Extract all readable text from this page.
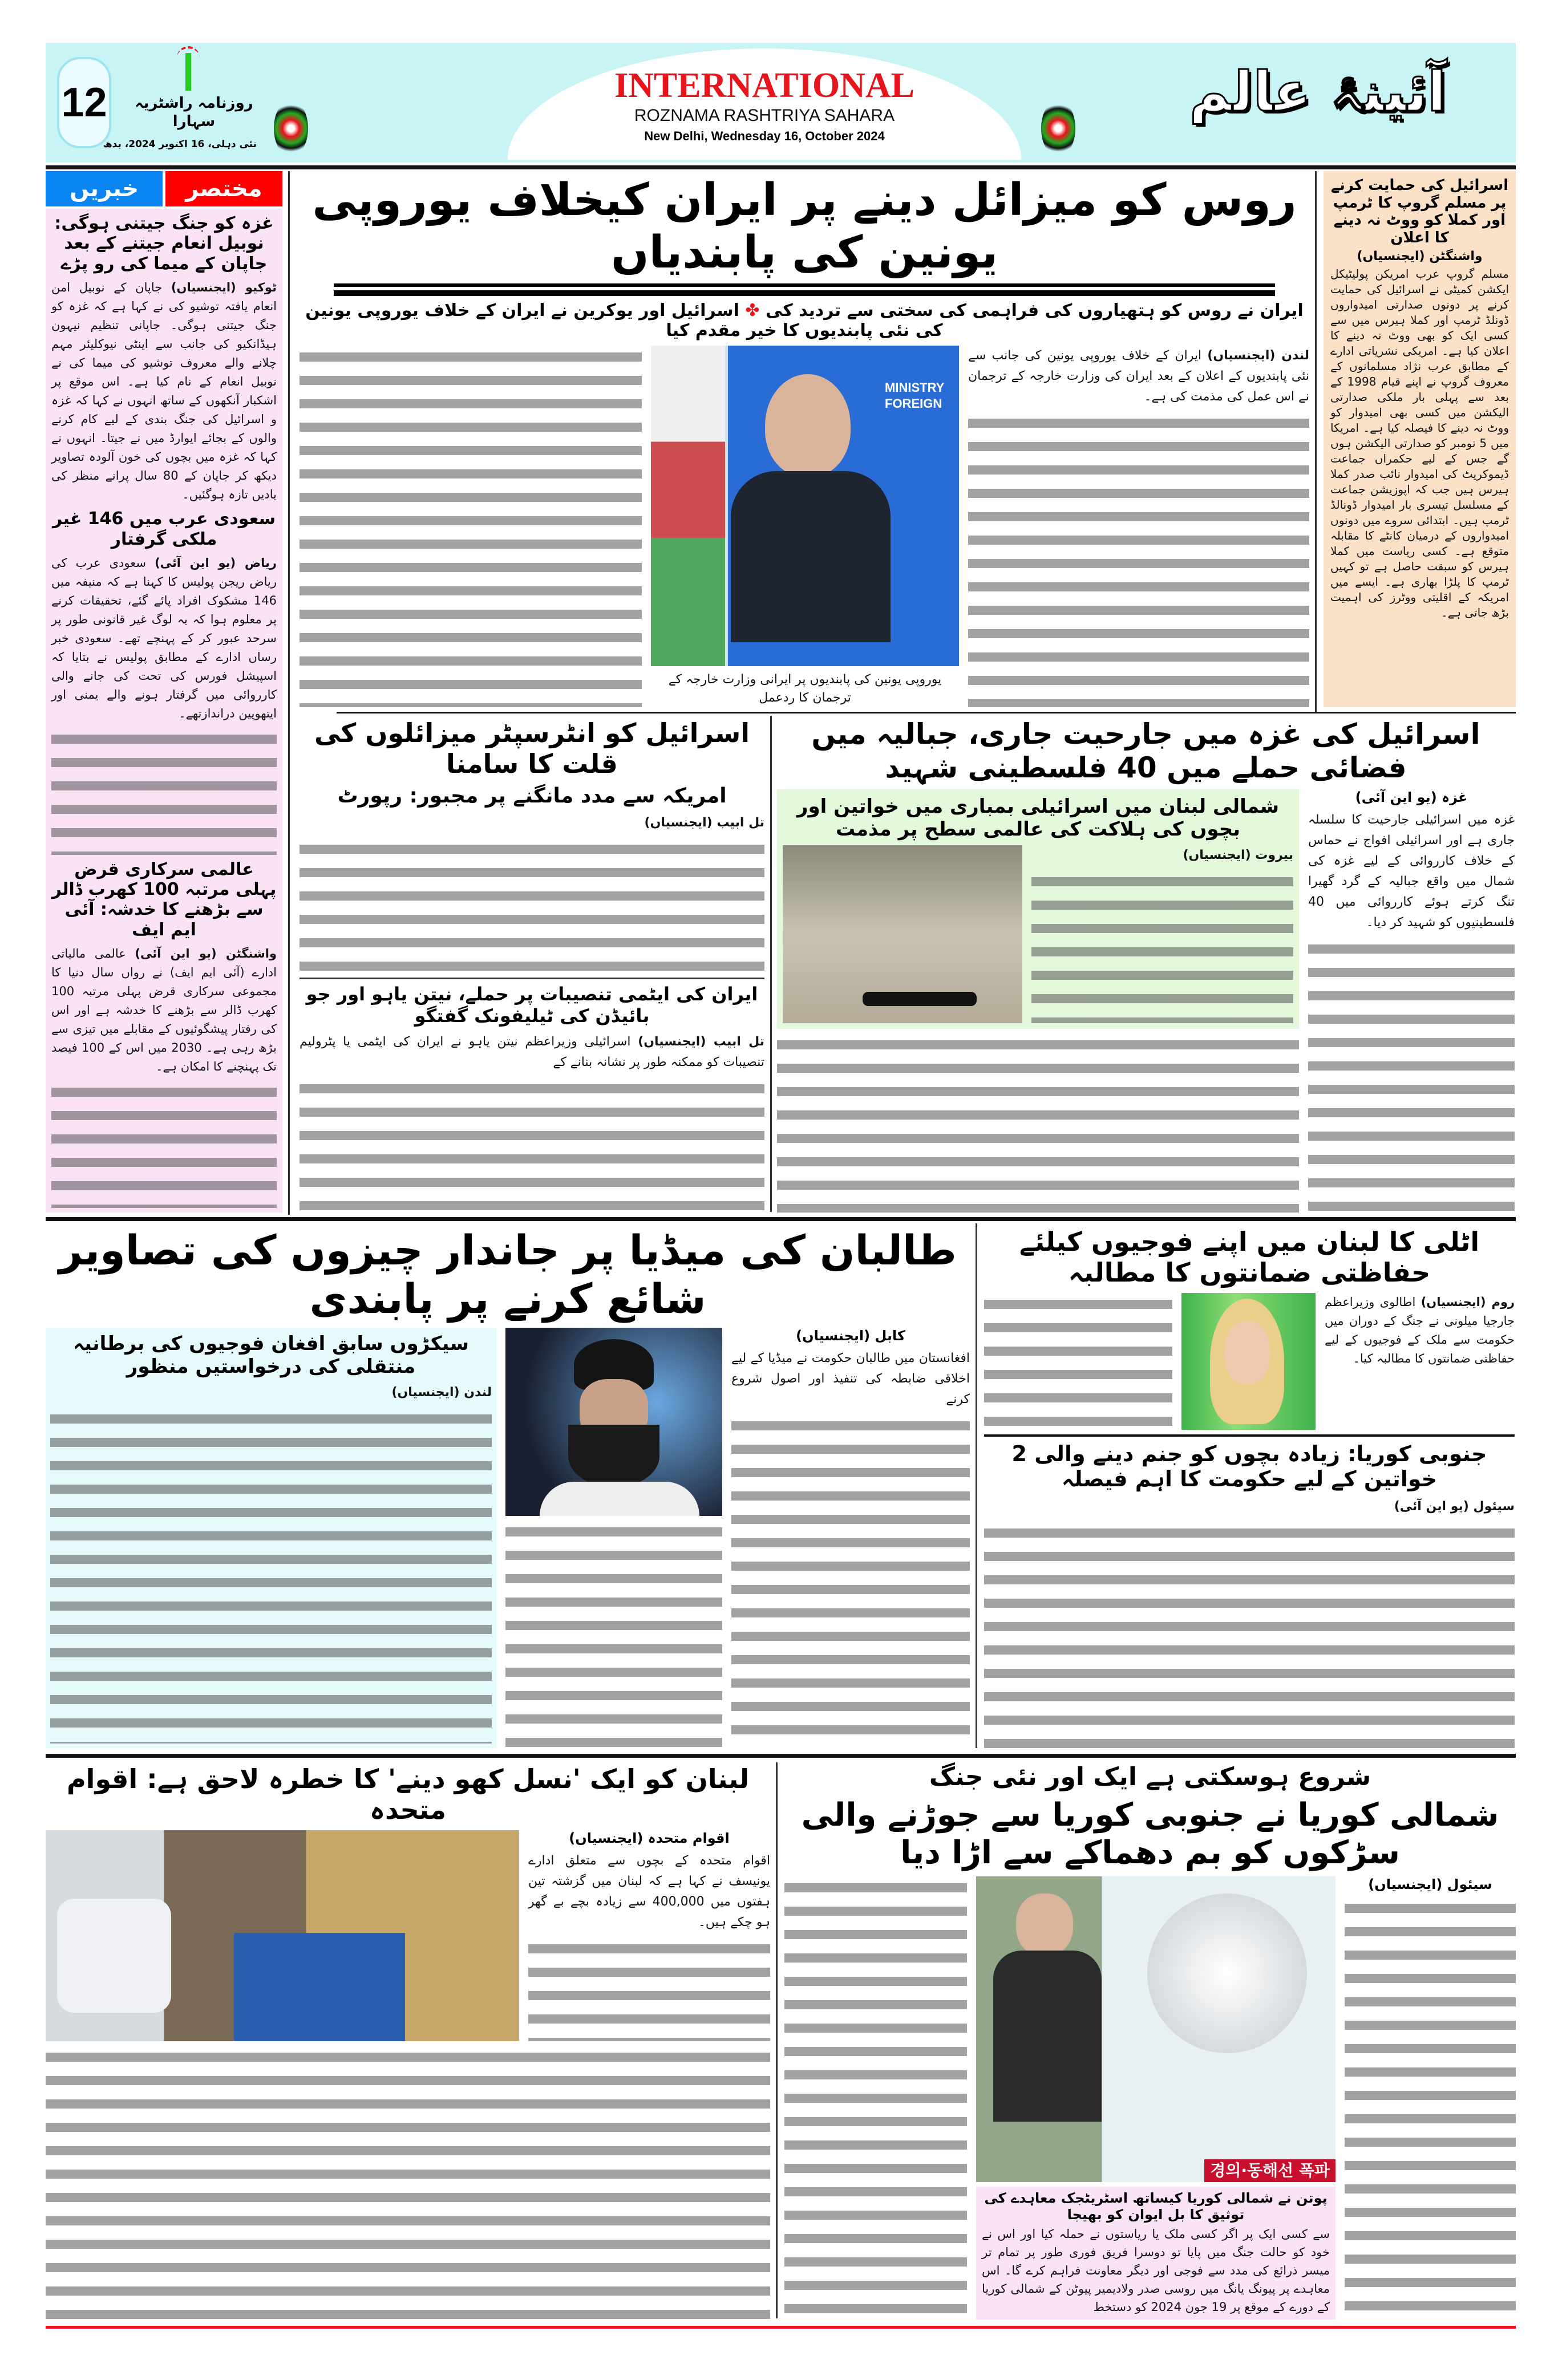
12 روزنامہ راشٹریہ سہارا
نئی دہلی، 16 اکتوبر 2024، بدھ
INTERNATIONAL
ROZNAMA RASHTRIYA SAHARA
New Delhi, Wednesday 16, October 2024
آئینۂ عالم
خبریں	مختصر
غزہ کو جنگ جیتنی ہوگی: نوبیل انعام جیتنے کے بعد جاپان کے میما کی رو پڑے
ٹوکیو (ایجنسیاں) جاپان کے نوبیل امن انعام یافتہ توشیو کی نے کہا ہے کہ غزہ کو جنگ جیتنی ہوگی۔ جاپانی تنظیم نیہون ہیڈانکیو کی جانب سے اینٹی نیوکلیئر مہم چلانے والے معروف توشیو کی میما کی نے نوبیل انعام کے نام کیا ہے۔ اس موقع پر اشکبار آنکھوں کے ساتھ انہوں نے کہا کہ غزہ و اسرائیل کی جنگ بندی کے لیے کام کرنے والوں کے بجائے ایوارڈ میں نے جیتا۔ انہوں نے کہا کہ غزہ میں بچوں کی خون آلودہ تصاویر دیکھ کر جاپان کے 80 سال پرانے منظر کی یادیں تازہ ہوگئیں۔
سعودی عرب میں 146 غیر ملکی گرفتار
ریاض (یو این آئی) سعودی عرب کی ریاض ریجن پولیس کا کہنا ہے کہ منیفہ میں 146 مشکوک افراد پائے گئے، تحقیقات کرنے پر معلوم ہوا کہ یہ لوگ غیر قانونی طور پر سرحد عبور کر کے پہنچے تھے۔ سعودی خبر رساں ادارے کے مطابق پولیس نے بتایا کہ اسپیشل فورس کی تحت کی جانے والی کارروائی میں گرفتار ہونے والے یمنی اور ایتھوپین دراندازتھے۔
عالمی سرکاری قرض پہلی مرتبہ 100 کھرب ڈالر سے بڑھنے کا خدشہ: آئی ایم ایف
واشنگٹن (یو این آئی) عالمی مالیاتی ادارے (آئی ایم ایف) نے رواں سال دنیا کا مجموعی سرکاری قرض پہلی مرتبہ 100 کھرب ڈالر سے بڑھنے کا خدشہ ہے اور اس کی رفتار پیشگوئیوں کے مقابلے میں تیزی سے بڑھ رہی ہے۔ 2030 میں اس کے 100 فیصد تک پہنچنے کا امکان ہے۔
روس کو میزائل دینے پر ایران کیخلاف یوروپی یونین کی پابندیاں
ایران نے روس کو ہتھیاروں کی فراہمی کی سختی سے تردید کی ✤ اسرائیل اور یوکرین نے ایران کے خلاف یوروپی یونین کی نئی پابندیوں کا خیر مقدم کیا
MINISTRY FOREIGN
یوروپی یونین کی پابندیوں پر ایرانی وزارت خارجہ کے ترجمان کا ردعمل
لندن (ایجنسیاں) ایران کے خلاف یوروپی یونین کی جانب سے نئی پابندیوں کے اعلان کے بعد ایران کی وزارت خارجہ کے ترجمان نے اس عمل کی مذمت کی ہے۔
اسرائیل کی حمایت کرنے پر مسلم گروپ کا ٹرمپ اور کملا کو ووٹ نہ دینے کا اعلان
واشنگٹن (ایجنسیاں)
مسلم گروپ عرب امریکن پولیٹیکل ایکشن کمیٹی نے اسرائیل کی حمایت کرنے پر دونوں صدارتی امیدواروں ڈونلڈ ٹرمپ اور کملا ہیرس میں سے کسی ایک کو بھی ووٹ نہ دینے کا اعلان کیا ہے۔ امریکی نشریاتی ادارے کے مطابق عرب نژاد مسلمانوں کے معروف گروپ نے اپنے قیام 1998 کے بعد سے پہلی بار ملکی صدارتی الیکشن میں کسی بھی امیدوار کو ووٹ نہ دینے کا فیصلہ کیا ہے۔ امریکا میں 5 نومبر کو صدارتی الیکشن ہوں گے جس کے لیے حکمراں جماعت ڈیموکریٹ کی امیدوار نائب صدر کملا ہیرس ہیں جب کہ اپوزیشن جماعت کے مسلسل تیسری بار امیدوار ڈونالڈ ٹرمپ ہیں۔ ابتدائی سروے میں دونوں امیدواروں کے درمیان کانٹے کا مقابلہ متوقع ہے۔ کسی ریاست میں کملا ہیرس کو سبقت حاصل ہے تو کہیں ٹرمپ کا پلڑا بھاری ہے۔ ایسے میں امریکہ کے اقلیتی ووٹرز کی اہمیت بڑھ جاتی ہے۔
اسرائیل کی غزہ میں جارحیت جاری، جبالیہ میں فضائی حملے میں 40 فلسطینی شہید
شمالی لبنان میں اسرائیلی بمباری میں خواتین اور بچوں کی ہلاکت کی عالمی سطح پر مذمت
بیروت (ایجنسیاں)
غزہ (یو این آئی)
غزہ میں اسرائیلی جارحیت کا سلسلہ جاری ہے اور اسرائیلی افواج نے حماس کے خلاف کارروائی کے لیے غزہ کی شمال میں واقع جبالیہ کے گرد گھیرا تنگ کرتے ہوئے کارروائی میں 40 فلسطینیوں کو شہید کر دیا۔
اسرائیل کو انٹرسپٹر میزائلوں کی قلت کا سامنا
امریکہ سے مدد مانگنے پر مجبور: رپورٹ
تل ابیب (ایجنسیاں)
ایران کی ایٹمی تنصیبات پر حملے، نیتن یاہو اور جو بائیڈن کی ٹیلیفونک گفتگو
تل ابیب (ایجنسیاں) اسرائیلی وزیراعظم نیتن یاہو نے ایران کی ایٹمی یا پٹرولیم تنصیبات کو ممکنہ طور پر نشانہ بنانے کے
طالبان کی میڈیا پر جاندار چیزوں کی تصاویر شائع کرنے پر پابندی
سیکڑوں سابق افغان فوجیوں کی برطانیہ منتقلی کی درخواستیں منظور
لندن (ایجنسیاں)
کابل (ایجنسیاں)
افغانستان میں طالبان حکومت نے میڈیا کے لیے اخلاقی ضابطہ کی تنفیذ اور اصول شروع کرنے
اٹلی کا لبنان میں اپنے فوجیوں کیلئے حفاظتی ضمانتوں کا مطالبہ
روم (ایجنسیاں) اطالوی وزیراعظم جارجیا میلونی نے جنگ کے دوران میں حکومت سے ملک کے فوجیوں کے لیے حفاظتی ضمانتوں کا مطالبہ کیا۔
جنوبی کوریا: زیادہ بچوں کو جنم دینے والی 2 خواتین کے لیے حکومت کا اہم فیصلہ
سیئول (یو این آئی)
لبنان کو ایک 'نسل کھو دینے' کا خطرہ لاحق ہے: اقوام متحدہ
اقوام متحدہ (ایجنسیاں)
اقوام متحدہ کے بچوں سے متعلق ادارے یونیسف نے کہا ہے کہ لبنان میں گزشتہ تین ہفتوں میں 400,000 سے زیادہ بچے بے گھر ہو چکے ہیں۔
شروع ہوسکتی ہے ایک اور نئی جنگ
شمالی کوریا نے جنوبی کوریا سے جوڑنے والی سڑکوں کو بم دھماکے سے اڑا دیا
경의·동해선 폭파
پوتن نے شمالی کوریا کیساتھ اسٹریٹجک معاہدے کی توثیق کا بل ایوان کو بھیجا
سے کسی ایک پر اگر کسی ملک یا ریاستوں نے حملہ کیا اور اس نے خود کو حالت جنگ میں پایا تو دوسرا فریق فوری طور پر تمام تر میسر ذرائع کی مدد سے فوجی اور دیگر معاونت فراہم کرے گا۔ اس معاہدے پر پیونگ یانگ میں روسی صدر ولادیمیر پیوٹن کے شمالی کوریا کے دورے کے موقع پر 19 جون 2024 کو دستخط
سیئول (ایجنسیاں)
